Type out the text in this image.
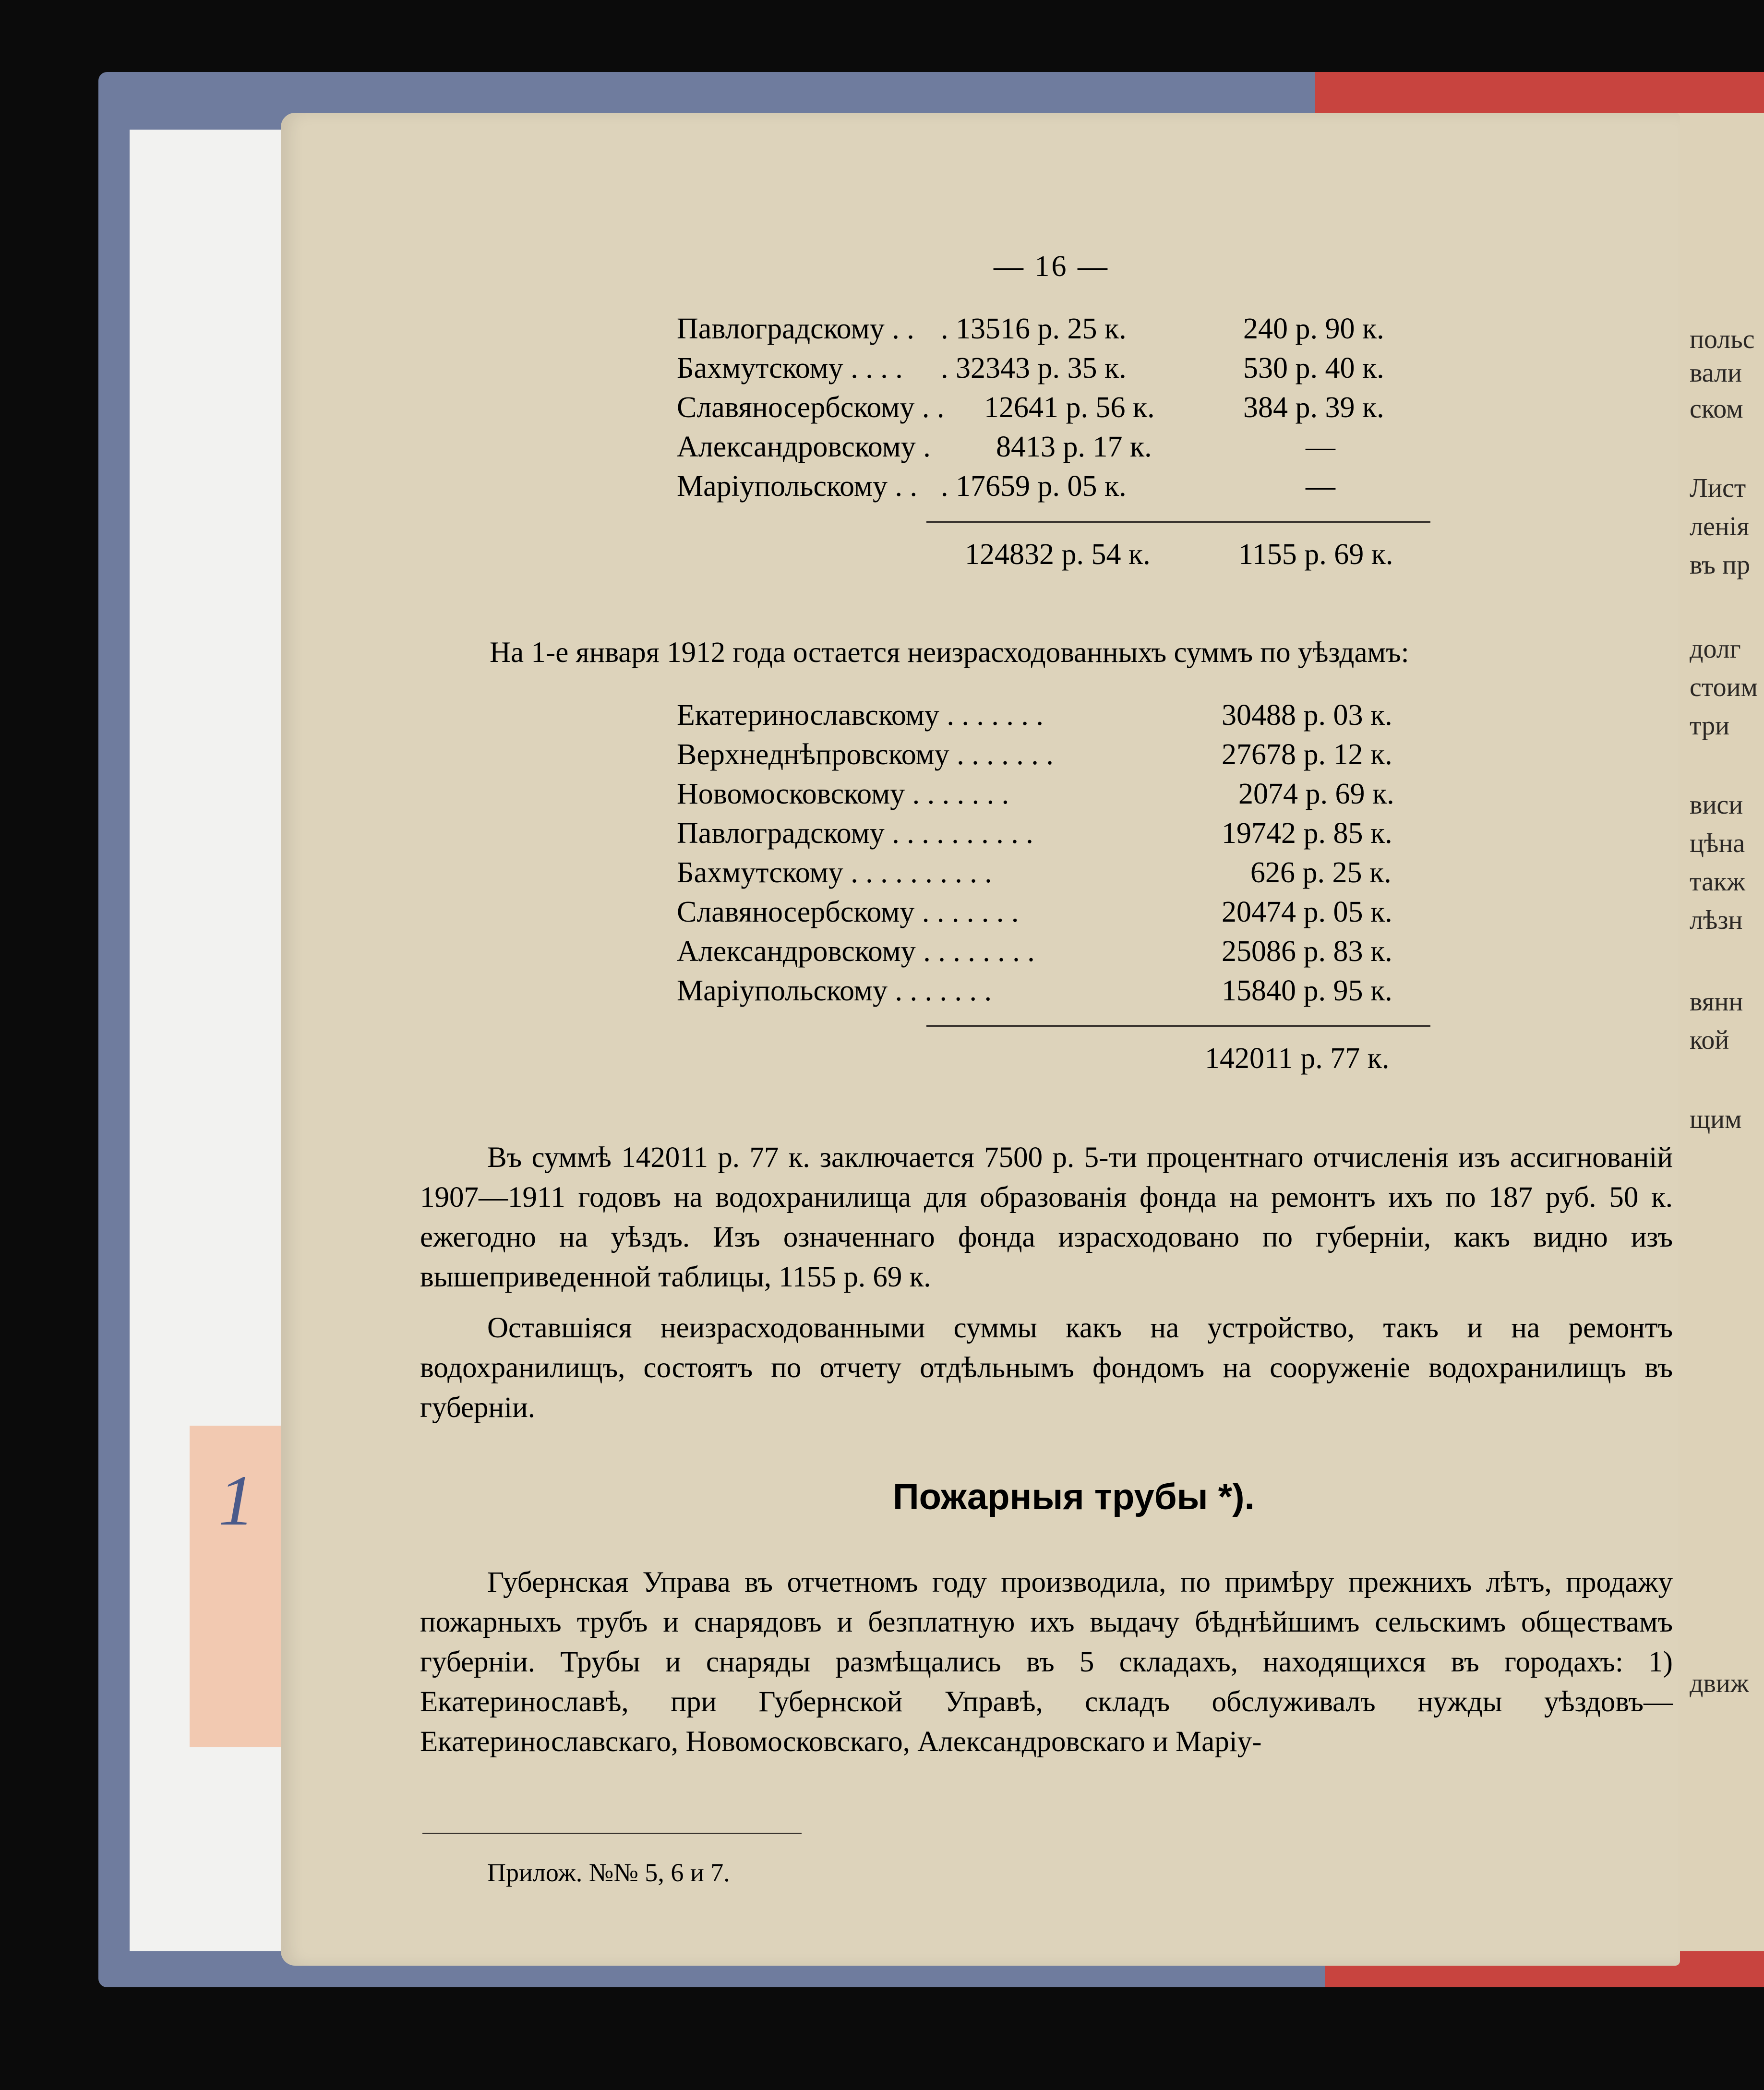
1
польс
вали
ском
Лист
ленія
въ пр
долг
стоим
три
виси
цѣна
такж
лѣзн
вянн
кой
щим
движ
— 16 —
Павлоградскому . . . 13516 р. 25 к.	240 р. 90 к.
Бахмутскому . . . . . 32343 р. 35 к.	530 р. 40 к.
Славяносербскому . . 12641 р. 56 к.	384 р. 39 к.
Александровскому . 8413 р. 17 к.	—
Маріупольскому . . . 17659 р. 05 к.	—
124832 р. 54 к.	1155 р. 69 к.
На 1-е января 1912 года остается неизрасходованныхъ суммъ по уѣздамъ:
Екатеринославскому . . . . . . .	30488 р. 03 к.
Верхнеднѣпровскому . . . . . . .	27678 р. 12 к.
Новомосковскому . . . . . . .	2074 р. 69 к.
Павлоградскому . . . . . . . . . .	19742 р. 85 к.
Бахмутскому . . . . . . . . . .	626 р. 25 к.
Славяносербскому . . . . . . .	20474 р. 05 к.
Александровскому . . . . . . . .	25086 р. 83 к.
Маріупольскому . . . . . . .	15840 р. 95 к.
142011 р. 77 к.
Въ суммѣ 142011 р. 77 к. заключается 7500 р. 5-ти процентнаго отчисленія изъ ассигнованій 1907—1911 годовъ на водохранилища для образованія фонда на ремонтъ ихъ по 187 руб. 50 к. ежегодно на уѣздъ. Изъ означеннаго фонда израсходовано по губерніи, какъ видно изъ вышеприведенной таблицы, 1155 р. 69 к.
Оставшіяся неизрасходованными суммы какъ на устройство, такъ и на ремонтъ водохранилищъ, состоятъ по отчету отдѣльнымъ фондомъ на сооруженіе водохранилищъ въ губерніи.
Пожарныя трубы *).
Губернская Управа въ отчетномъ году производила, по примѣру прежнихъ лѣтъ, продажу пожарныхъ трубъ и снарядовъ и безплатную ихъ выдачу бѣднѣйшимъ сельскимъ обществамъ губерніи. Трубы и снаряды размѣщались въ 5 складахъ, находящихся въ городахъ: 1) Екатеринославѣ, при Губернской Управѣ, складъ обслуживалъ нужды уѣздовъ—Екатеринославскаго, Новомосковскаго, Александровскаго и Маріу-
Прилож. №№ 5, 6 и 7.
